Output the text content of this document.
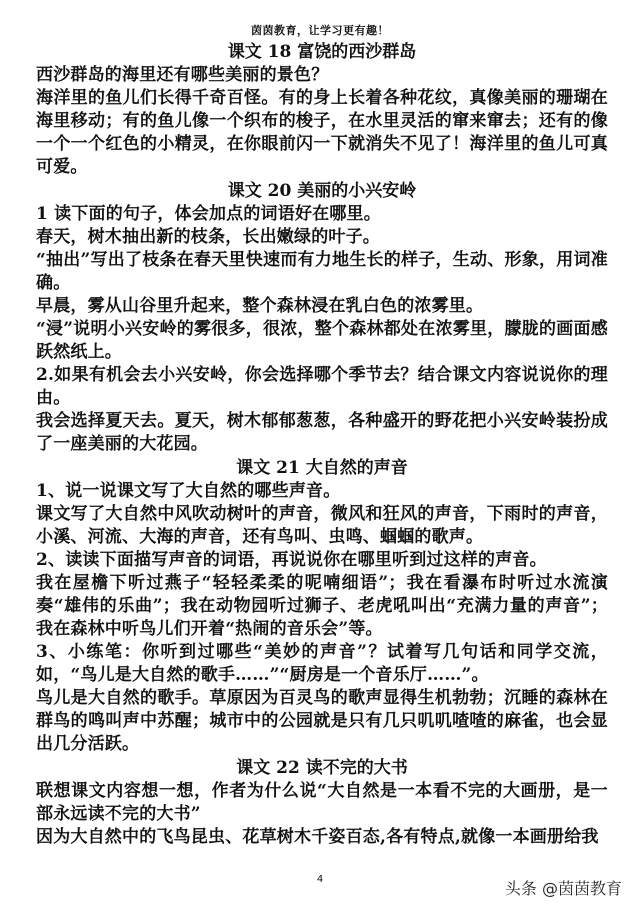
茵茵教育，让学习更有趣！
课文 18 富饶的西沙群岛

西沙群岛的海里还有哪些美丽的景色？

海洋里的鱼儿们长得千奇百怪。有的身上长着各种花纹，真像美丽的珊瑚在海里移动；有的鱼儿像一个织布的梭子，在水里灵活的窜来窜去；还有的像一个一个红色的小精灵，在你眼前闪一下就消失不见了！海洋里的鱼儿可真可爱。

课文 20 美丽的小兴安岭

1 读下面的句子，体会加点的词语好在哪里。

春天，树木抽出新的枝条，长出嫩绿的叶子。

“抽出”写出了枝条在春天里快速而有力地生长的样子，生动、形象，用词准确。

早晨，雾从山谷里升起来，整个森林浸在乳白色的浓雾里。

“浸”说明小兴安岭的雾很多，很浓，整个森林都处在浓雾里，朦胧的画面感跃然纸上。

2.如果有机会去小兴安岭，你会选择哪个季节去？结合课文内容说说你的理由。

我会选择夏天去。夏天，树木郁郁葱葱，各种盛开的野花把小兴安岭装扮成了一座美丽的大花园。

课文 21 大自然的声音

1、说一说课文写了大自然的哪些声音。

课文写了大自然中风吹动树叶的声音，微风和狂风的声音，下雨时的声音，小溪、河流、大海的声音，还有鸟叫、虫鸣、蝈蝈的歌声。

2、读读下面描写声音的词语，再说说你在哪里听到过这样的声音。

我在屋檐下听过燕子“轻轻柔柔的呢喃细语”；我在看瀑布时听过水流演奏“雄伟的乐曲”；我在动物园听过狮子、老虎吼叫出“充满力量的声音”；我在森林中听鸟儿们开着“热闹的音乐会”等。

3、小练笔：你听到过哪些“美妙的声音”？试着写几句话和同学交流，如，“鸟儿是大自然的歌手……”“厨房是一个音乐厅……”。

鸟儿是大自然的歌手。草原因为百灵鸟的歌声显得生机勃勃；沉睡的森林在群鸟的鸣叫声中苏醒；城市中的公园就是只有几只叽叽喳喳的麻雀，也会显出几分活跃。

课文 22 读不完的大书

联想课文内容想一想，作者为什么说“大自然是一本看不完的大画册，是一部永远读不完的大书”

因为大自然中的飞鸟昆虫、花草树木千姿百态,各有特点,就像一本画册给我

4	头条 @茵茵教育
